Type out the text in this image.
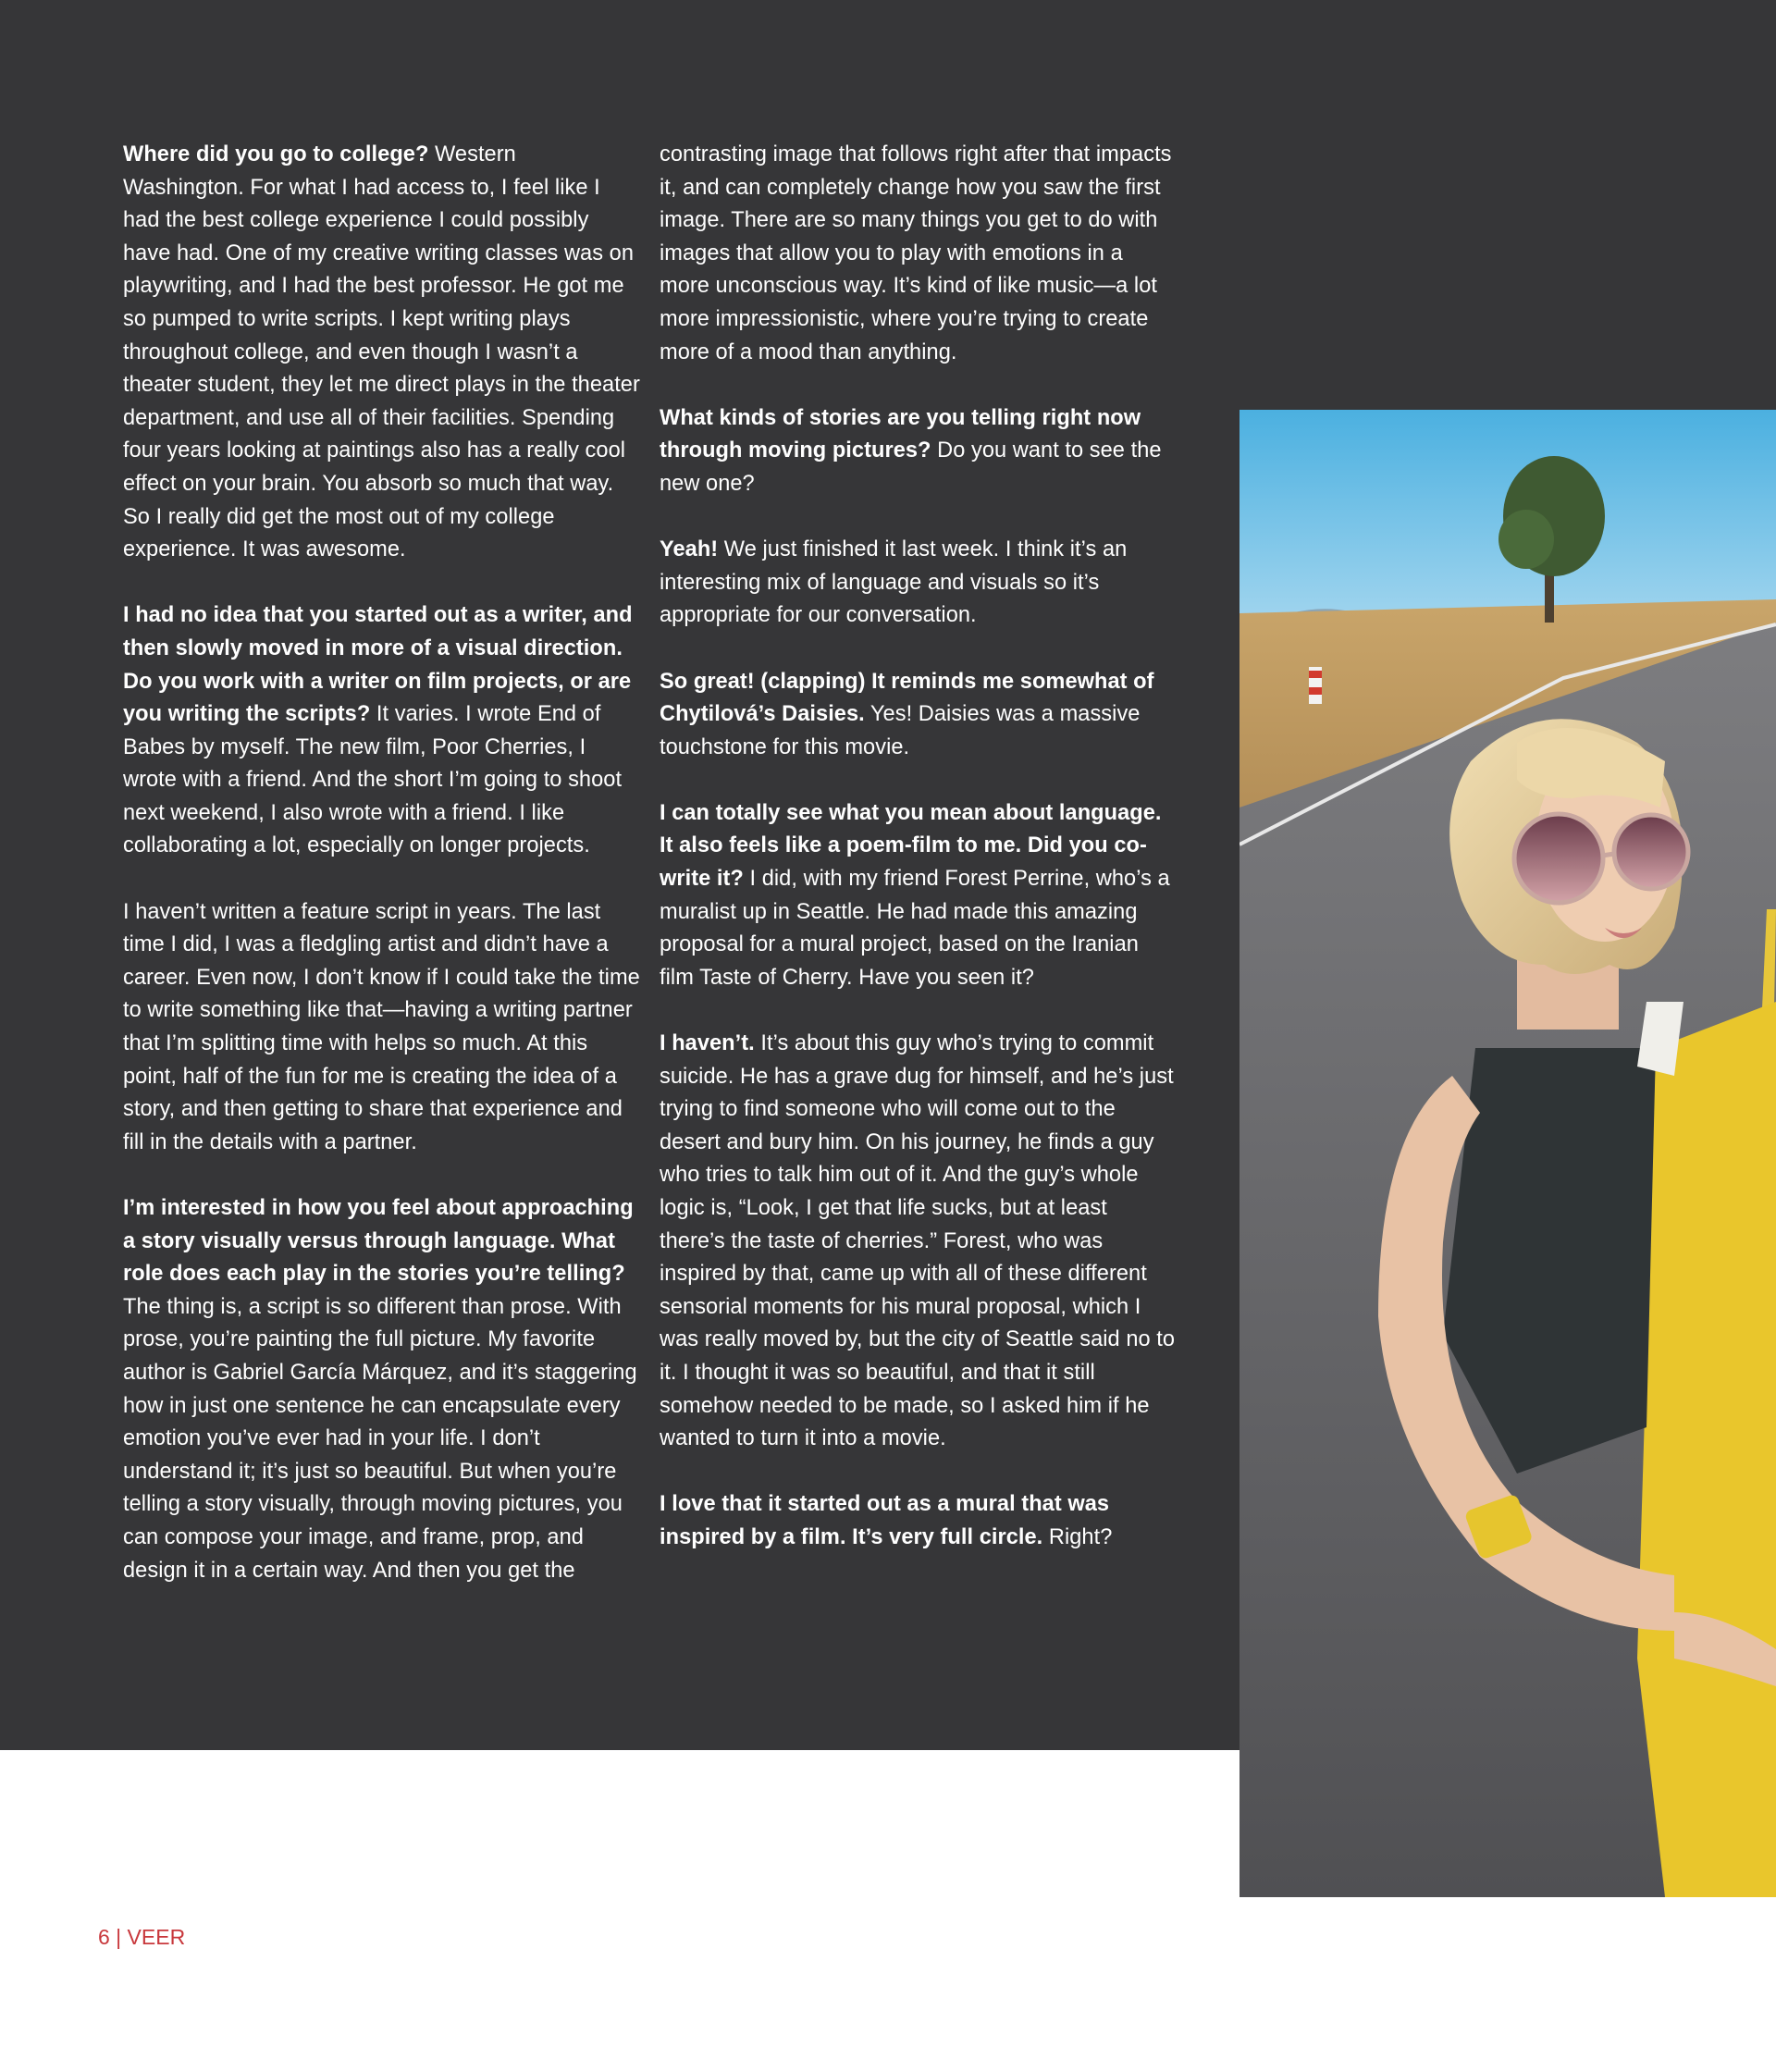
Where did you go to college? Western Washington. For what I had access to, I feel like I had the best college experience I could possibly have had. One of my creative writing classes was on playwriting, and I had the best professor. He got me so pumped to write scripts. I kept writing plays throughout college, and even though I wasn’t a theater student, they let me direct plays in the theater department, and use all of their facilities. Spending four years looking at paintings also has a really cool effect on your brain. You absorb so much that way. So I really did get the most out of my college experience. It was awesome.

I had no idea that you started out as a writer, and then slowly moved in more of a visual direction. Do you work with a writer on film projects, or are you writing the scripts? It varies. I wrote End of Babes by myself. The new film, Poor Cherries, I wrote with a friend. And the short I’m going to shoot next weekend, I also wrote with a friend. I like collaborating a lot, especially on longer projects.

I haven’t written a feature script in years. The last time I did, I was a fledgling artist and didn’t have a career. Even now, I don’t know if I could take the time to write something like that—having a writing partner that I’m splitting time with helps so much. At this point, half of the fun for me is creating the idea of a story, and then getting to share that experience and fill in the details with a partner.

I’m interested in how you feel about approaching a story visually versus through language. What role does each play in the stories you’re telling? The thing is, a script is so different than prose. With prose, you’re painting the full picture. My favorite author is Gabriel García Márquez, and it’s staggering how in just one sentence he can encapsulate every emotion you’ve ever had in your life. I don’t understand it; it’s just so beautiful. But when you’re telling a story visually, through moving pictures, you can compose your image, and frame, prop, and design it in a certain way. And then you get the

contrasting image that follows right after that impacts it, and can completely change how you saw the first image. There are so many things you get to do with images that allow you to play with emotions in a more unconscious way. It’s kind of like music—a lot more impressionistic, where you’re trying to create more of a mood than anything.

What kinds of stories are you telling right now through moving pictures? Do you want to see the new one?

Yeah! We just finished it last week. I think it’s an interesting mix of language and visuals so it’s appropriate for our conversation.

So great! (clapping) It reminds me somewhat of Chytilová’s Daisies. Yes! Daisies was a massive touchstone for this movie.

I can totally see what you mean about language. It also feels like a poem-film to me. Did you co-write it? I did, with my friend Forest Perrine, who’s a muralist up in Seattle. He had made this amazing proposal for a mural project, based on the Iranian film Taste of Cherry. Have you seen it?

I haven’t. It’s about this guy who’s trying to commit suicide. He has a grave dug for himself, and he’s just trying to find someone who will come out to the desert and bury him. On his journey, he finds a guy who tries to talk him out of it. And the guy’s whole logic is, “Look, I get that life sucks, but at least there’s the taste of cherries.” Forest, who was inspired by that, came up with all of these different sensorial moments for his mural proposal, which I was really moved by, but the city of Seattle said no to it. I thought it was so beautiful, and that it still somehow needed to be made, so I asked him if he wanted to turn it into a movie.

I love that it started out as a mural that was inspired by a film. It’s very full circle. Right?

6 | VEER
